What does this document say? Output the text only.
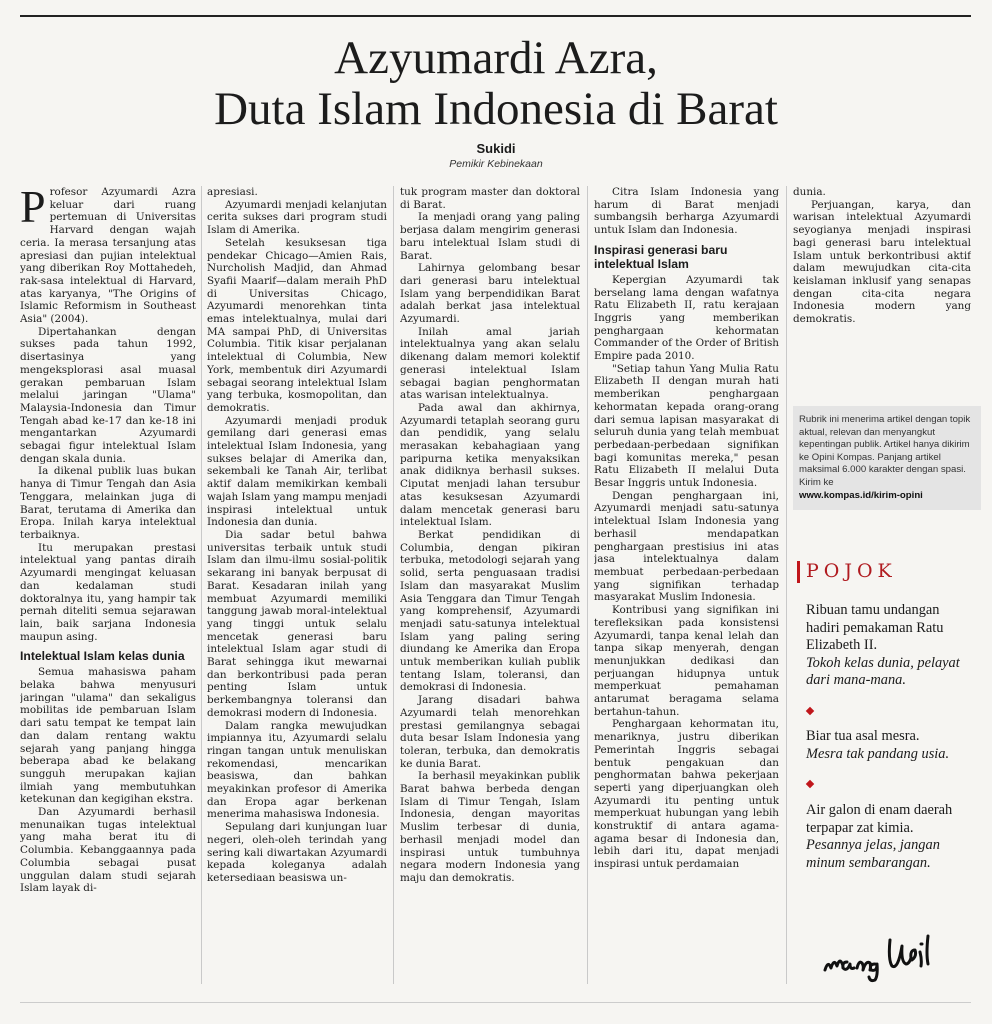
Azyumardi Azra,
Duta Islam Indonesia di Barat
Sukidi
Pemikir Kebinekaan

Profesor Azyumardi Azra keluar dari ruang pertemuan di Universitas Harvard dengan wajah ceria. Ia merasa tersanjung atas apresiasi dan pujian intelektual yang diberikan Roy Mottahedeh, rak-sasa intelektual di Harvard, atas karyanya, "The Origins of Islamic Reformism in Southeast Asia" (2004).

Dipertahankan dengan sukses pada tahun 1992, disertasinya yang mengeksplorasi asal muasal gerakan pembaruan Islam melalui jaringan "Ulama" Malaysia-Indonesia dan Timur Tengah abad ke-17 dan ke-18 ini mengantarkan Azyumardi sebagai figur intelektual Islam dengan skala dunia.

Ia dikenal publik luas bukan hanya di Timur Tengah dan Asia Tenggara, melainkan juga di Barat, terutama di Amerika dan Eropa. Inilah karya intelektual terbaiknya.

Itu merupakan prestasi intelektual yang pantas diraih Azyumardi mengingat keluasan dan kedalaman studi doktoralnya itu, yang hampir tak pernah diteliti semua sejarawan lain, baik sarjana Indonesia maupun asing.

Intelektual Islam kelas dunia

Semua mahasiswa paham belaka bahwa menyusuri jaringan "ulama" dan sekaligus mobilitas ide pembaruan Islam dari satu tempat ke tempat lain dan dalam rentang waktu sejarah yang panjang hingga beberapa abad ke belakang sungguh merupakan kajian ilmiah yang membutuhkan ketekunan dan kegigihan ekstra.

Dan Azyumardi berhasil menunaikan tugas intelektual yang maha berat itu di Columbia. Kebanggaannya pada Columbia sebagai pusat unggulan dalam studi sejarah Islam layak di-

apresiasi.

Azyumardi menjadi kelanjutan cerita sukses dari program studi Islam di Amerika.

Setelah kesuksesan tiga pendekar Chicago—Amien Rais, Nurcholish Madjid, dan Ahmad Syafii Maarif—dalam meraih PhD di Universitas Chicago, Azyumardi menorehkan tinta emas intelektualnya, mulai dari MA sampai PhD, di Universitas Columbia. Titik kisar perjalanan intelektual di Columbia, New York, membentuk diri Azyumardi sebagai seorang intelektual Islam yang terbuka, kosmopolitan, dan demokratis.

Azyumardi menjadi produk gemilang dari generasi emas intelektual Islam Indonesia, yang sukses belajar di Amerika dan, sekembali ke Tanah Air, terlibat aktif dalam memikirkan kembali wajah Islam yang mampu menjadi inspirasi intelektual untuk Indonesia dan dunia.

Dia sadar betul bahwa universitas terbaik untuk studi Islam dan ilmu-ilmu sosial-politik sekarang ini banyak berpusat di Barat. Kesadaran inilah yang membuat Azyumardi memiliki tanggung jawab moral-intelektual yang tinggi untuk selalu mencetak generasi baru intelektual Islam agar studi di Barat sehingga ikut mewarnai dan berkontribusi pada peran penting Islam untuk berkembangnya toleransi dan demokrasi modern di Indonesia.

Dalam rangka mewujudkan impiannya itu, Azyumardi selalu ringan tangan untuk menuliskan rekomendasi, mencarikan beasiswa, dan bahkan meyakinkan profesor di Amerika dan Eropa agar berkenan menerima mahasiswa Indonesia.

Sepulang dari kunjungan luar negeri, oleh-oleh terindah yang sering kali diwartakan Azyumardi kepada koleganya adalah ketersediaan beasiswa un-

tuk program master dan doktoral di Barat.

Ia menjadi orang yang paling berjasa dalam mengirim generasi baru intelektual Islam studi di Barat.

Lahirnya gelombang besar dari generasi baru intelektual Islam yang berpendidikan Barat adalah berkat jasa intelektual Azyumardi.

Inilah amal jariah intelektualnya yang akan selalu dikenang dalam memori kolektif generasi intelektual Islam sebagai bagian penghormatan atas warisan intelektualnya.

Pada awal dan akhirnya, Azyumardi tetaplah seorang guru dan pendidik, yang selalu merasakan kebahagiaan yang paripurna ketika menyaksikan anak didiknya berhasil sukses. Ciputat menjadi lahan tersubur atas kesuksesan Azyumardi dalam mencetak generasi baru intelektual Islam.

Berkat pendidikan di Columbia, dengan pikiran terbuka, metodologi sejarah yang solid, serta penguasaan tradisi Islam dan masyarakat Muslim Asia Tenggara dan Timur Tengah yang komprehensif, Azyumardi menjadi satu-satunya intelektual Islam yang paling sering diundang ke Amerika dan Eropa untuk memberikan kuliah publik tentang Islam, toleransi, dan demokrasi di Indonesia.

Jarang disadari bahwa Azyumardi telah menorehkan prestasi gemilangnya sebagai duta besar Islam Indonesia yang toleran, terbuka, dan demokratis ke dunia Barat.

Ia berhasil meyakinkan publik Barat bahwa berbeda dengan Islam di Timur Tengah, Islam Indonesia, dengan mayoritas Muslim terbesar di dunia, berhasil menjadi model dan inspirasi untuk tumbuhnya negara modern Indonesia yang maju dan demokratis.

Citra Islam Indonesia yang harum di Barat menjadi sumbangsih berharga Azyumardi untuk Islam dan Indonesia.

Inspirasi generasi baru intelektual Islam

Kepergian Azyumardi tak berselang lama dengan wafatnya Ratu Elizabeth II, ratu kerajaan Inggris yang memberikan penghargaan kehormatan Commander of the Order of British Empire pada 2010.

"Setiap tahun Yang Mulia Ratu Elizabeth II dengan murah hati memberikan penghargaan kehormatan kepada orang-orang dari semua lapisan masyarakat di seluruh dunia yang telah membuat perbedaan-perbedaan signifikan bagi komunitas mereka," pesan Ratu Elizabeth II melalui Duta Besar Inggris untuk Indonesia.

Dengan penghargaan ini, Azyumardi menjadi satu-satunya intelektual Islam Indonesia yang berhasil mendapatkan penghargaan prestisius ini atas jasa intelektualnya dalam membuat perbedaan-perbedaan yang signifikan terhadap masyarakat Muslim Indonesia.

Kontribusi yang signifikan ini terefleksikan pada konsistensi Azyumardi, tanpa kenal lelah dan tanpa sikap menyerah, dengan menunjukkan dedikasi dan perjuangan hidupnya untuk memperkuat pemahaman antarumat beragama selama bertahun-tahun.

Penghargaan kehormatan itu, menariknya, justru diberikan Pemerintah Inggris sebagai bentuk pengakuan dan penghormatan bahwa pekerjaan seperti yang diperjuangkan oleh Azyumardi itu penting untuk memperkuat hubungan yang lebih konstruktif di antara agama-agama besar di Indonesia dan, lebih dari itu, dapat menjadi inspirasi untuk perdamaian

dunia.

Perjuangan, karya, dan warisan intelektual Azyumardi seyogianya menjadi inspirasi bagi generasi baru intelektual Islam untuk berkontribusi aktif dalam mewujudkan cita-cita keislaman inklusif yang senapas dengan cita-cita negara Indonesia modern yang demokratis.

Rubrik ini menerima artikel dengan topik aktual, relevan dan menyangkut kepentingan publik. Artikel hanya dikirim ke Opini Kompas. Panjang artikel maksimal 6.000 karakter dengan spasi. Kirim ke
www.kompas.id/kirim-opini
POJOK
Ribuan tamu undangan hadiri pemakaman Ratu Elizabeth II.
Tokoh kelas dunia, pelayat dari mana-mana.
Biar tua asal mesra.
Mesra tak pandang usia.
Air galon di enam daerah terpapar zat kimia.
Pesannya jelas, jangan minum sembarangan.
